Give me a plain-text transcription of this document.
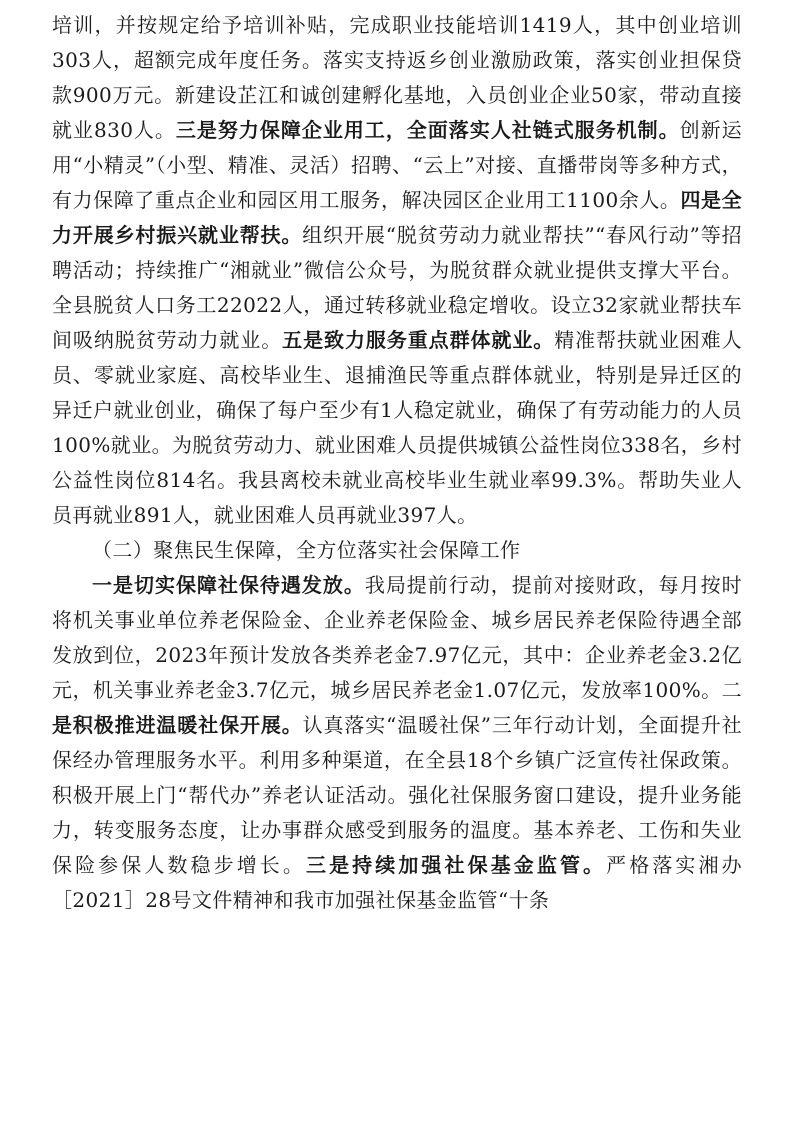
培训，并按规定给予培训补贴，完成职业技能培训1419人，其中创业培训303人，超额完成年度任务。落实支持返乡创业激励政策，落实创业担保贷款900万元。新建设芷江和诚创建孵化基地，入员创业企业50家，带动直接就业830人。三是努力保障企业用工，全面落实人社链式服务机制。创新运用“小精灵”（小型、精准、灵活）招聘、“云上”对接、直播带岗等多种方式，有力保障了重点企业和园区用工服务，解决园区企业用工1100余人。四是全力开展乡村振兴就业帮扶。组织开展“脱贫劳动力就业帮扶”“春风行动”等招聘活动；持续推广“湘就业”微信公众号，为脱贫群众就业提供支撑大平台。全县脱贫人口务工22022人，通过转移就业稳定增收。设立32家就业帮扶车间吸纳脱贫劳动力就业。五是致力服务重点群体就业。精准帮扶就业困难人员、零就业家庭、高校毕业生、退捕渔民等重点群体就业，特别是异迁区的异迁户就业创业，确保了每户至少有1人稳定就业，确保了有劳动能力的人员100%就业。为脱贫劳动力、就业困难人员提供城镇公益性岗位338名，乡村公益性岗位814名。我县离校未就业高校毕业生就业率99.3%。帮助失业人员再就业891人，就业困难人员再就业397人。

（二）聚焦民生保障，全方位落实社会保障工作

一是切实保障社保待遇发放。我局提前行动，提前对接财政，每月按时将机关事业单位养老保险金、企业养老保险金、城乡居民养老保险待遇全部发放到位，2023年预计发放各类养老金7.97亿元，其中：企业养老金3.2亿元，机关事业养老金3.7亿元，城乡居民养老金1.07亿元，发放率100%。二是积极推进温暖社保开展。认真落实“温暖社保”三年行动计划，全面提升社保经办管理服务水平。利用多种渠道，在全县18个乡镇广泛宣传社保政策。积极开展上门“帮代办”养老认证活动。强化社保服务窗口建设，提升业务能力，转变服务态度，让办事群众感受到服务的温度。基本养老、工伤和失业保险参保人数稳步增长。三是持续加强社保基金监管。严格落实湘办［2021］28号文件精神和我市加强社保基金监管“十条
